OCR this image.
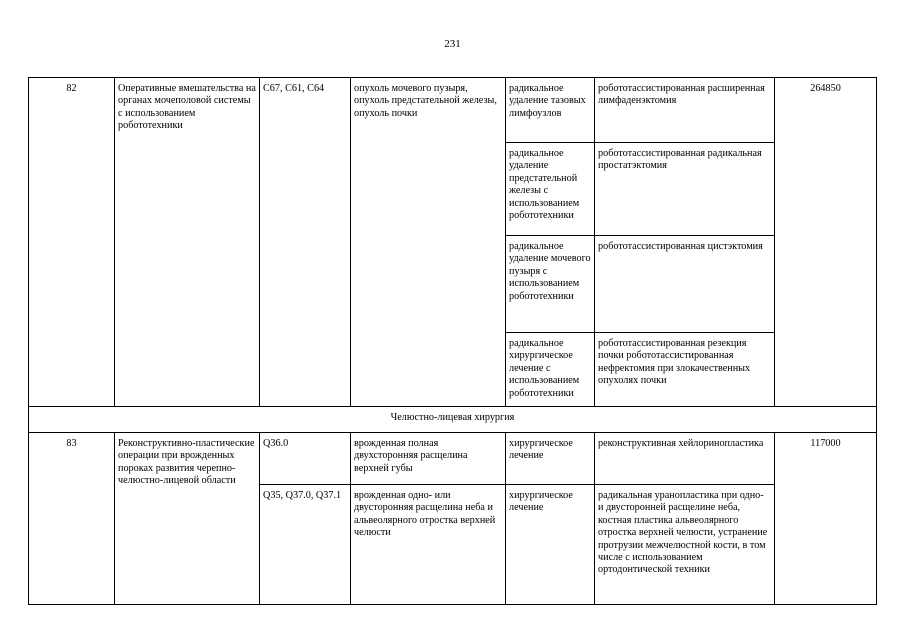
231
82	Оперативные вмешательства на органах мочеполовой системы с использованием робототехники	C67, C61, C64	опухоль мочевого пузыря, опухоль предстательной железы, опухоль почки	радикальное удаление тазовых лимфоузлов	робототассистированная расширенная лимфаденэктомия	264850
				радикальное удаление предстательной железы с использованием робототехники	робототассистированная радикальная простатэктомия	
				радикальное удаление мочевого пузыря с использованием робототехники	робототассистированная цистэктомия	
				радикальное хирургическое лечение с использованием робототехники	робототассистированная резекция почки робототассистированная нефректомия при злокачественных опухолях почки	
Челюстно-лицевая хирургия						
83	Реконструктивно-пластические операции при врожденных пороках развития черепно-челюстно-лицевой области	Q36.0	врожденная полная двухсторонняя расщелина верхней губы	хирургическое лечение	реконструктивная хейлоринопластика	117000
		Q35, Q37.0, Q37.1	врожденная одно- или двусторонняя расщелина неба и альвеолярного отростка верхней челюсти	хирургическое лечение	радикальная уранопластика при одно- и двусторонней расщелине неба, костная пластика альвеолярного отростка верхней челюсти, устранение протрузии межчелюстной кости, в том числе с использованием ортодонтической техники	
